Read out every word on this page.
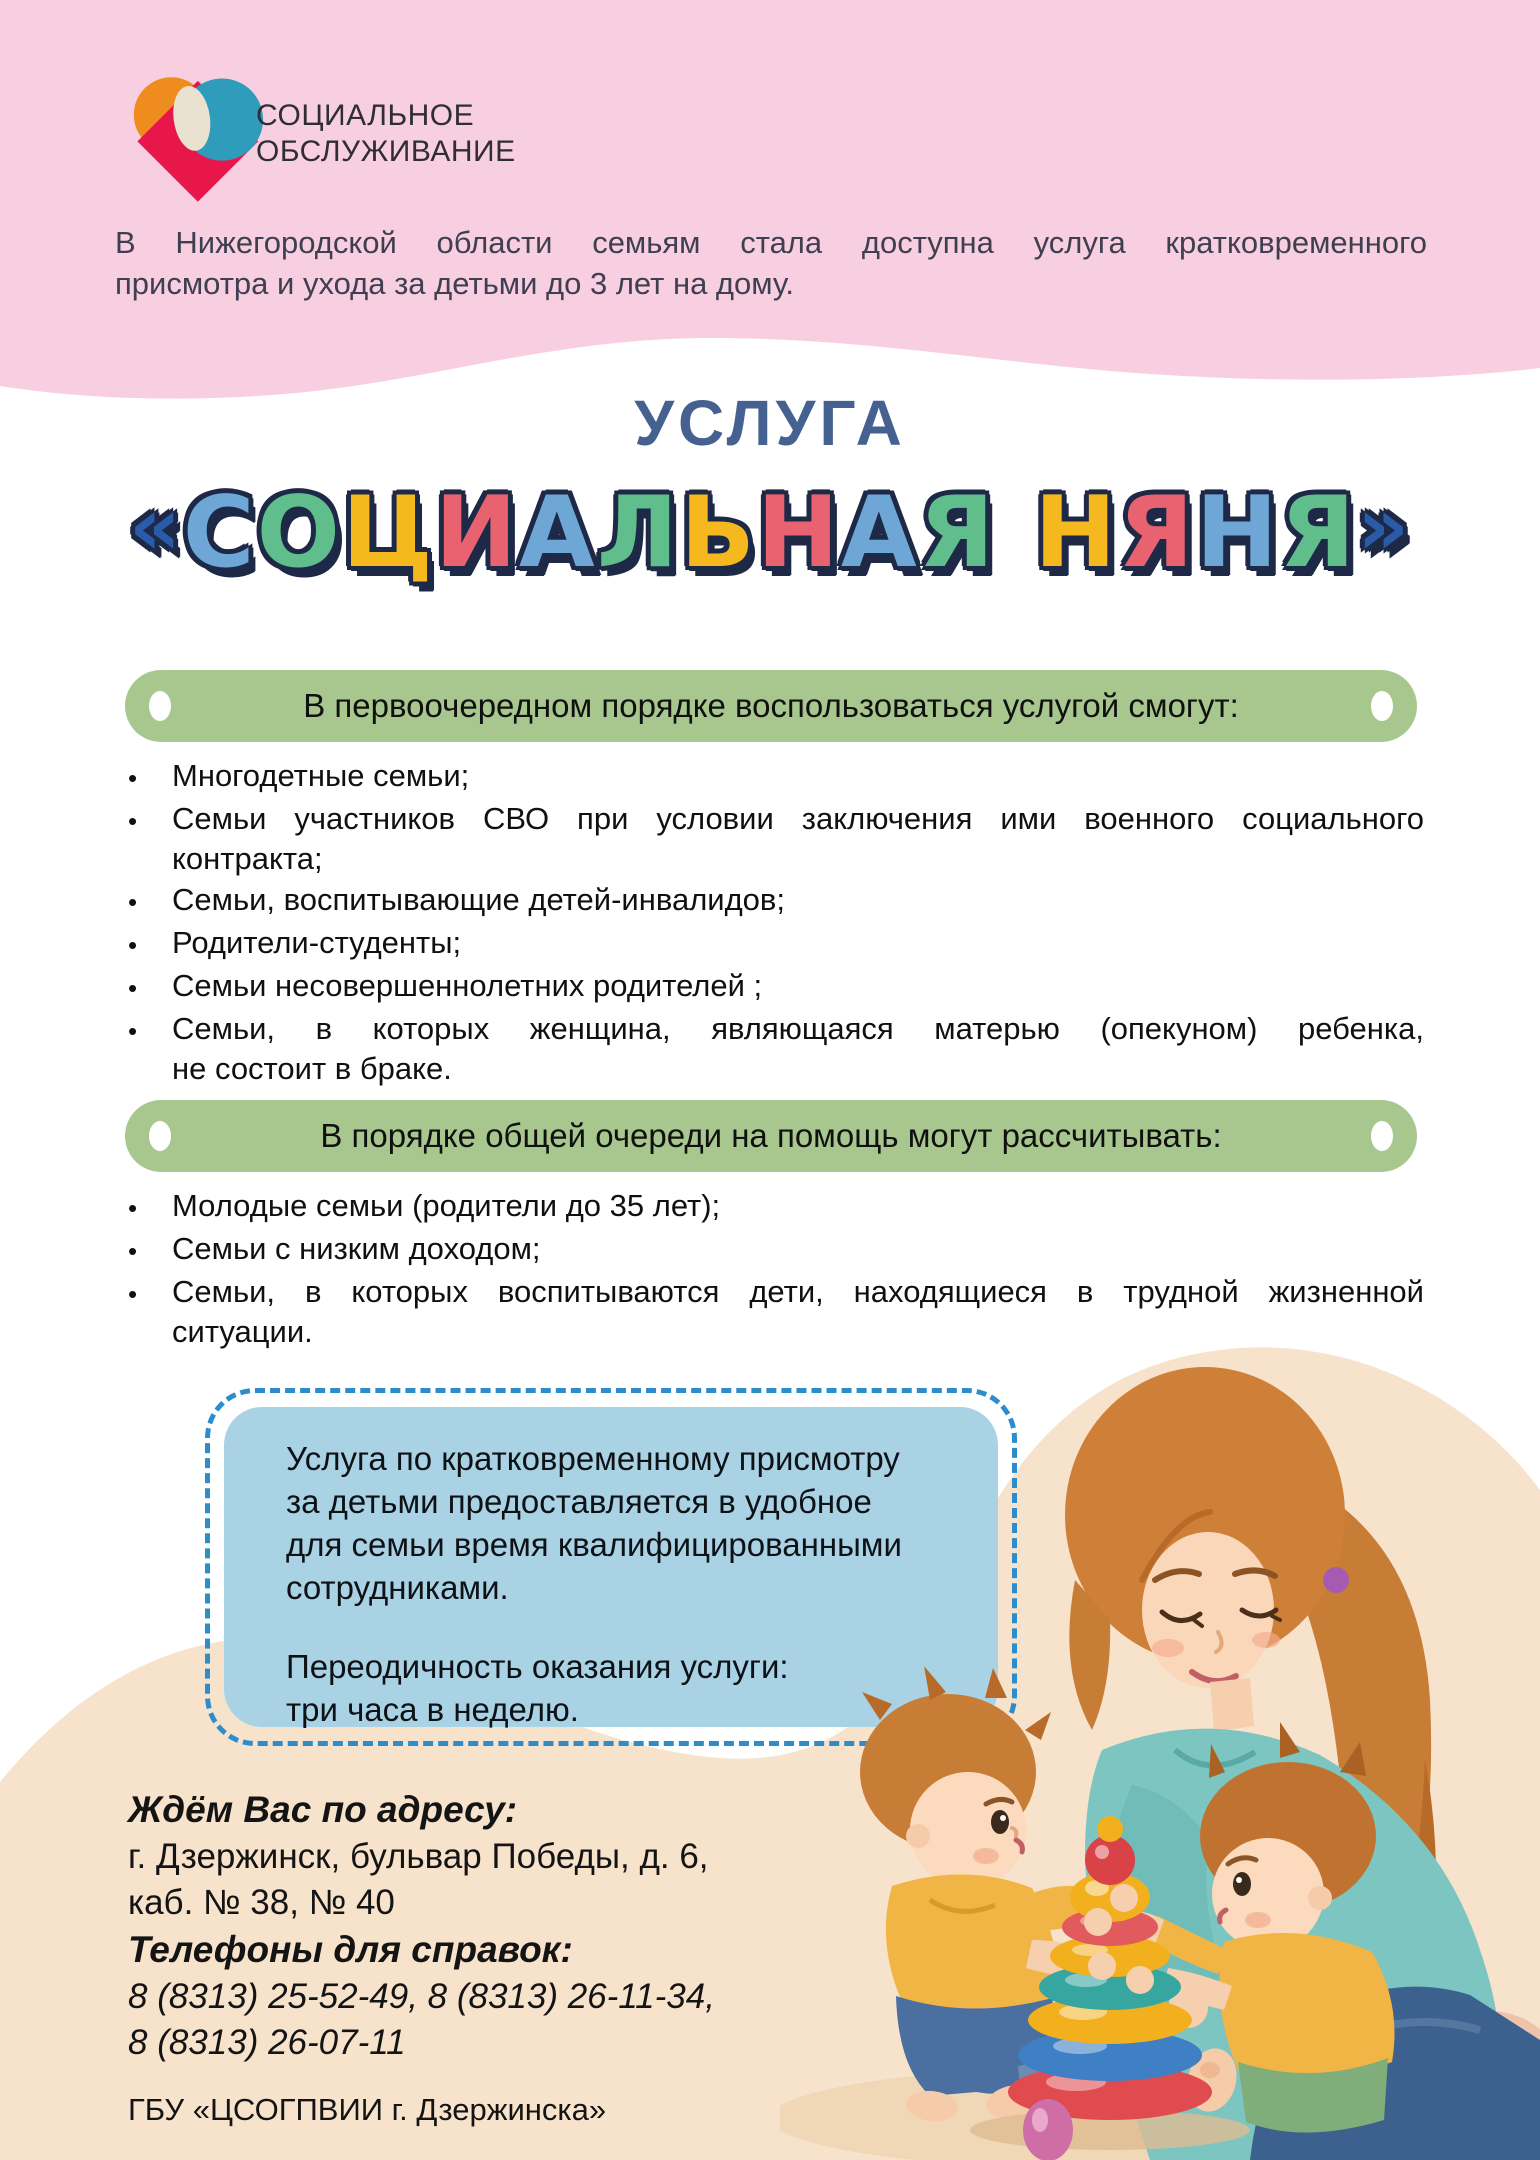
СОЦИАЛЬНОЕ
ОБСЛУЖИВАНИЕ
В Нижегородской области семьям стала доступна услуга кратковременного
присмотра и ухода за детьми до 3 лет на дому.
УСЛУГА
«СОЦИАЛЬНАЯ НЯНЯ»
В первоочередном порядке воспользоваться услугой смогут:
•	Многодетные семьи;
•	Семьи участников СВО при условии заключения ими военного социального
контракта;
•	Семьи, воспитывающие детей-инвалидов;
•	Родители-студенты;
•	Семьи несовершеннолетних родителей ;
•	Семьи, в которых женщина, являющаяся матерью (опекуном) ребенка,
не состоит в браке.
В порядке общей очереди на помощь могут рассчитывать:
•	Молодые семьи (родители до 35 лет);
•	Семьи с низким доходом;
•	Семьи, в которых воспитываются дети, находящиеся в трудной жизненной
ситуации.
Услуга по кратковременному присмотру
за детьми предоставляется в удобное
для семьи время квалифицированными
сотрудниками.
Переодичность оказания услуги:
три часа в неделю.
Ждём Вас по адресу:
г. Дзержинск, бульвар Победы, д. 6,
каб. № 38, № 40
Телефоны для справок:
8 (8313) 25-52-49, 8 (8313) 26-11-34,
8 (8313) 26-07-11
ГБУ «ЦСОГПВИИ г. Дзержинска»
